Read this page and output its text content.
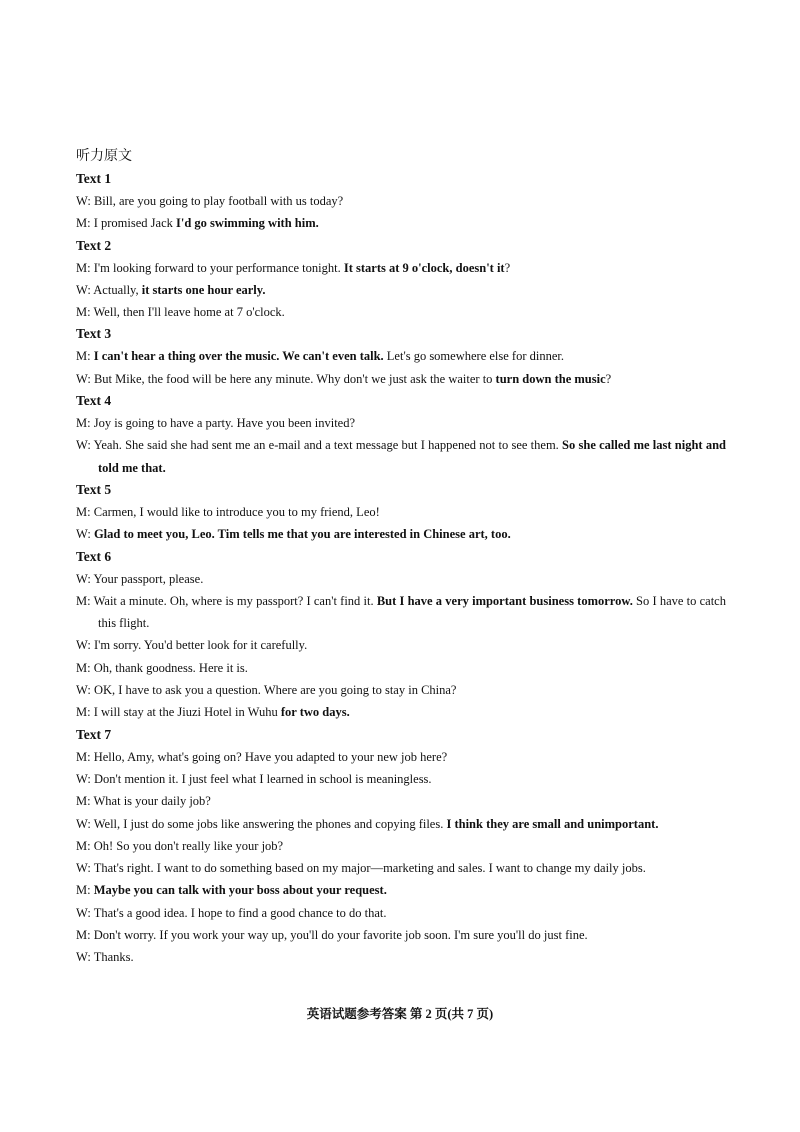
听力原文
Text 1
W: Bill, are you going to play football with us today?
M: I promised Jack I'd go swimming with him.
Text 2
M: I'm looking forward to your performance tonight. It starts at 9 o'clock, doesn't it?
W: Actually, it starts one hour early.
M: Well, then I'll leave home at 7 o'clock.
Text 3
M: I can't hear a thing over the music. We can't even talk. Let's go somewhere else for dinner.
W: But Mike, the food will be here any minute. Why don't we just ask the waiter to turn down the music?
Text 4
M: Joy is going to have a party. Have you been invited?
W: Yeah. She said she had sent me an e-mail and a text message but I happened not to see them. So she called me last night and told me that.
Text 5
M: Carmen, I would like to introduce you to my friend, Leo!
W: Glad to meet you, Leo. Tim tells me that you are interested in Chinese art, too.
Text 6
W: Your passport, please.
M: Wait a minute. Oh, where is my passport? I can't find it. But I have a very important business tomorrow. So I have to catch this flight.
W: I'm sorry. You'd better look for it carefully.
M: Oh, thank goodness. Here it is.
W: OK, I have to ask you a question. Where are you going to stay in China?
M: I will stay at the Jiuzi Hotel in Wuhu for two days.
Text 7
M: Hello, Amy, what's going on? Have you adapted to your new job here?
W: Don't mention it. I just feel what I learned in school is meaningless.
M: What is your daily job?
W: Well, I just do some jobs like answering the phones and copying files. I think they are small and unimportant.
M: Oh! So you don't really like your job?
W: That's right. I want to do something based on my major—marketing and sales. I want to change my daily jobs.
M: Maybe you can talk with your boss about your request.
W: That's a good idea. I hope to find a good chance to do that.
M: Don't worry. If you work your way up, you'll do your favorite job soon. I'm sure you'll do just fine.
W: Thanks.
英语试题参考答案 第 2 页(共 7 页)
